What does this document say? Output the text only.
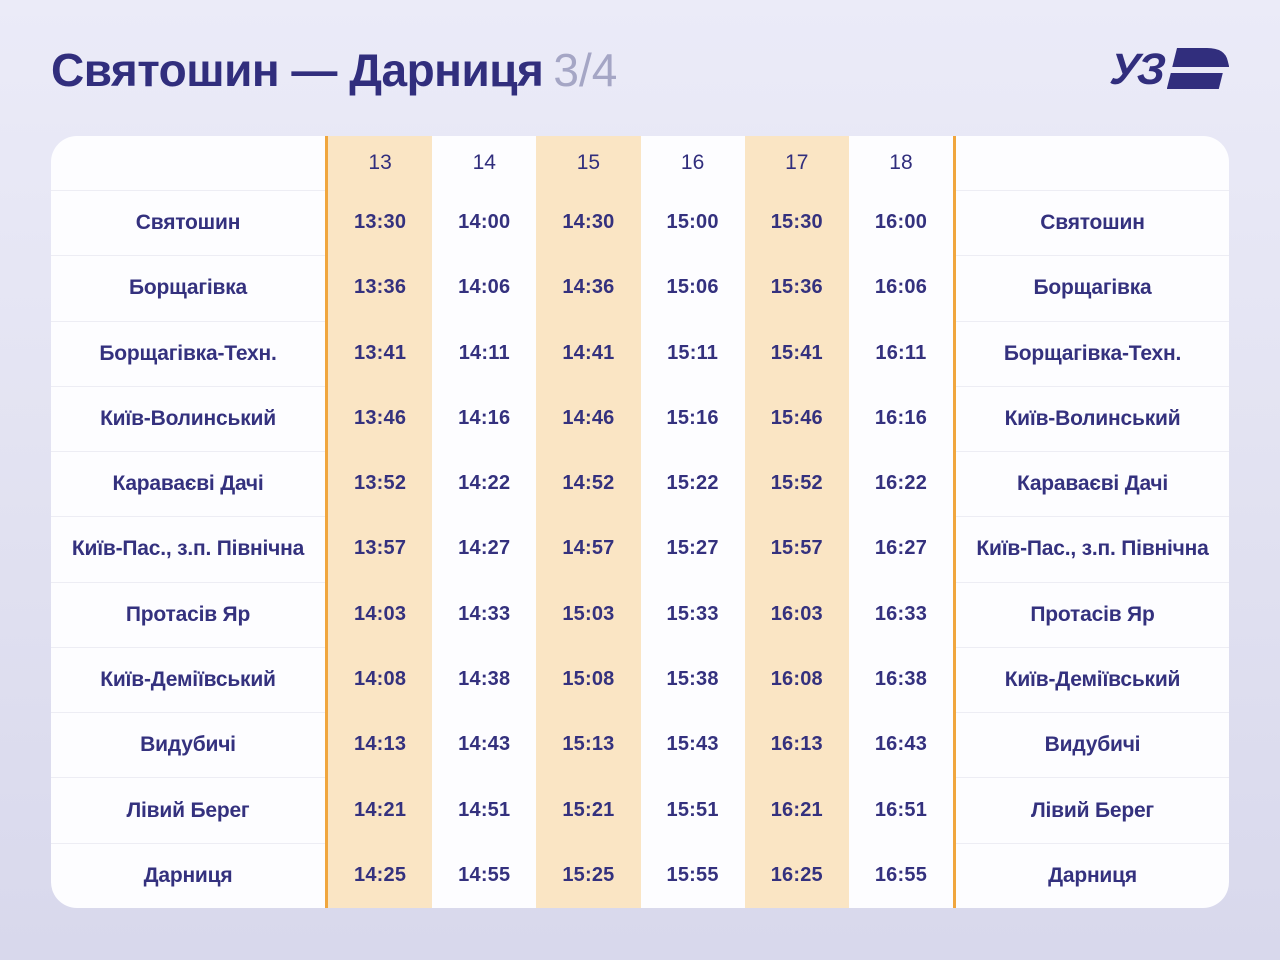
Святошин — Дарниця 3/4	УЗ
Святошин
Борщагівка
Борщагівка-Техн.
Київ-Волинський
Караваєві Дачі
Київ-Пас., з.п. Північна
Протасів Яр
Київ-Деміївський
Видубичі
Лівий Берег
Дарниця
13
13:30
13:36
13:41
13:46
13:52
13:57
14:03
14:08
14:13
14:21
14:25
14
14:00
14:06
14:11
14:16
14:22
14:27
14:33
14:38
14:43
14:51
14:55
15
14:30
14:36
14:41
14:46
14:52
14:57
15:03
15:08
15:13
15:21
15:25
16
15:00
15:06
15:11
15:16
15:22
15:27
15:33
15:38
15:43
15:51
15:55
17
15:30
15:36
15:41
15:46
15:52
15:57
16:03
16:08
16:13
16:21
16:25
18
16:00
16:06
16:11
16:16
16:22
16:27
16:33
16:38
16:43
16:51
16:55
Святошин
Борщагівка
Борщагівка-Техн.
Київ-Волинський
Караваєві Дачі
Київ-Пас., з.п. Північна
Протасів Яр
Київ-Деміївський
Видубичі
Лівий Берег
Дарниця
